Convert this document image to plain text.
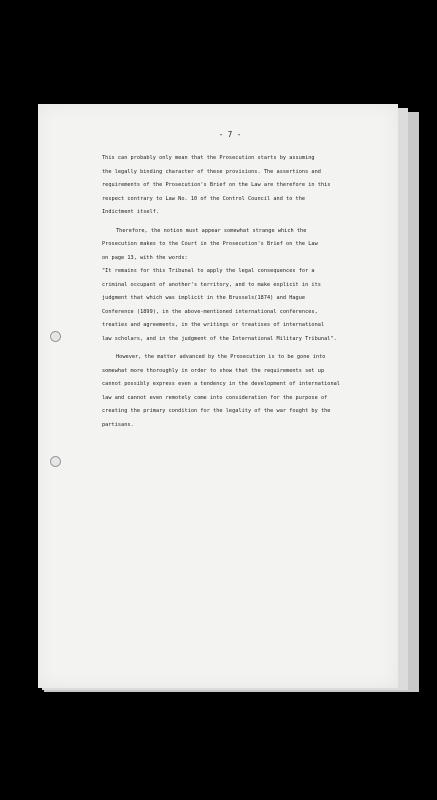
- 7 -
This can probably only mean that the Prosecution starts by assuming
the legally binding character of these provisions. The assertions and
requirements of the Prosecution's Brief on the Law are therefore in this
respect contrary to Law No. 10 of the Control Council and to the
Indictment itself.
Therefore, the notion must appear somewhat strange which the
Prosecution makes to the Court in the Prosecution's Brief on the Law
on page 13, with the words:
"It remains for this Tribunal to apply the legal consequences for a
criminal occupant of another's territory, and to make explicit in its
judgment that which was implicit in the Brussels(1874) and Hague
Conference (1899), in the above-mentioned international conferences,
treaties and agreements, in the writings or treatises of international
law scholars, and in the judgment of the International Military Tribunal".
However, the matter advanced by the Prosecution is to be gone into
somewhat more thoroughly in order to show that the requirements set up
cannot possibly express even a tendency in the development of international
law and cannot even remotely come into consideration for the purpose of
creating the primary condition for the legality of the war fought by the
partisans.
